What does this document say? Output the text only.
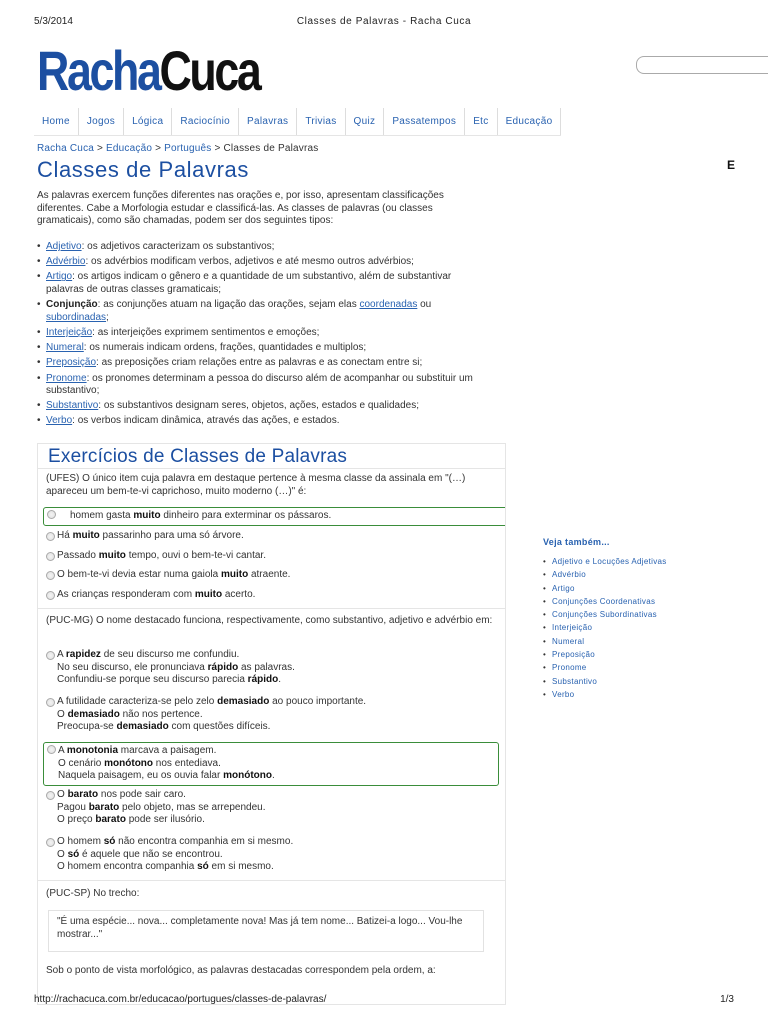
5/3/2014	Classes de Palavras - Racha Cuca
RachaCuca
Home	Jogos	Lógica	Raciocínio	Palavras	Trivias	Quiz	Passatempos	Etc	Educação
Racha Cuca > Educação > Português > Classes de Palavras
Classes de Palavras	E

As palavras exercem funções diferentes nas orações e, por isso, apresentam classificações diferentes. Cabe a Morfologia estudar e classificá-las. As classes de palavras (ou classes gramaticais), como são chamadas, podem ser dos seguintes tipos:

• Adjetivo: os adjetivos caracterizam os substantivos;
• Advérbio: os advérbios modificam verbos, adjetivos e até mesmo outros advérbios;
• Artigo: os artigos indicam o gênero e a quantidade de um substantivo, além de substantivar palavras de outras classes gramaticais;
• Conjunção: as conjunções atuam na ligação das orações, sejam elas coordenadas ou subordinadas;
• Interjeição: as interjeições exprimem sentimentos e emoções;
• Numeral: os numerais indicam ordens, frações, quantidades e multiplos;
• Preposição: as preposições criam relações entre as palavras e as conectam entre si;
• Pronome: os pronomes determinam a pessoa do discurso além de acompanhar ou substituir um substantivo;
• Substantivo: os substantivos designam seres, objetos, ações, estados e qualidades;
• Verbo: os verbos indicam dinâmica, através das ações, e estados.
Exercícios de Classes de Palavras
(UFES) O único item cuja palavra em destaque pertence à mesma classe da assinala em "(…) apareceu um bem-te-vi caprichoso, muito moderno (…)" é:
homem gasta muito dinheiro para exterminar os pássaros.
Há muito passarinho para uma só árvore.
Passado muito tempo, ouvi o bem-te-vi cantar.
O bem-te-vi devia estar numa gaiola muito atraente.
As crianças responderam com muito acerto.
(PUC-MG) O nome destacado funciona, respectivamente, como substantivo, adjetivo e advérbio em:
A rapidez de seu discurso me confundiu.
No seu discurso, ele pronunciava rápido as palavras.
Confundiu-se porque seu discurso parecia rápido.
A futilidade caracteriza-se pelo zelo demasiado ao pouco importante.
O demasiado não nos pertence.
Preocupa-se demasiado com questões difíceis.
A monotonia marcava a paisagem.
O cenário monótono nos entediava.
Naquela paisagem, eu os ouvia falar monótono.
O barato nos pode sair caro.
Pagou barato pelo objeto, mas se arrependeu.
O preço barato pode ser ilusório.
O homem só não encontra companhia em si mesmo.
O só é aquele que não se encontrou.
O homem encontra companhia só em si mesmo.
(PUC-SP) No trecho:
"É uma espécie... nova... completamente nova! Mas já tem nome... Batizei-a logo... Vou-lhe mostrar..."
Sob o ponto de vista morfológico, as palavras destacadas correspondem pela ordem, a:
Veja também...
• Adjetivo e Locuções Adjetivas
• Advérbio
• Artigo
• Conjunções Coordenativas
• Conjunções Subordinativas
• Interjeição
• Numeral
• Preposição
• Pronome
• Substantivo
• Verbo
http://rachacuca.com.br/educacao/portugues/classes-de-palavras/	1/3
